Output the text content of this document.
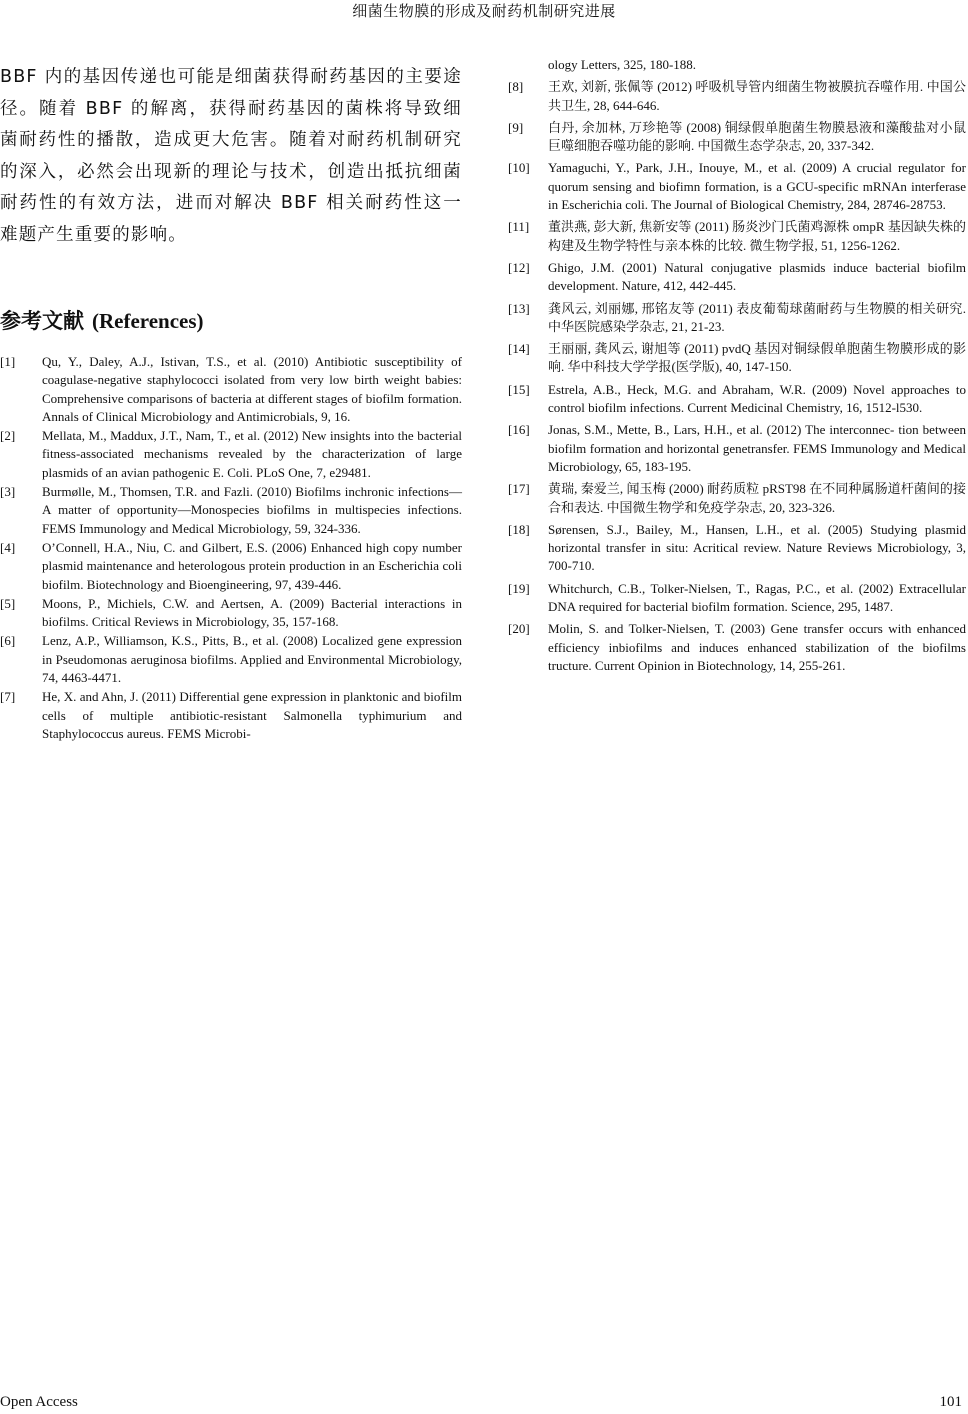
细菌生物膜的形成及耐药机制研究进展

BBF 内的基因传递也可能是细菌获得耐药基因的主要途径。随着 BBF 的解离，获得耐药基因的菌株将导致细菌耐药性的播散，造成更大危害。随着对耐药机制研究的深入，必然会出现新的理论与技术，创造出抵抗细菌耐药性的有效方法，进而对解决 BBF 相关耐药性这一难题产生重要的影响。

参考文献 (References)
[1]	Qu, Y., Daley, A.J., Istivan, T.S., et al. (2010) Antibiotic susceptibility of coagulase-negative staphylococci isolated from very low birth weight babies: Comprehensive comparisons of bacteria at different stages of biofilm formation. Annals of Clinical Microbiology and Antimicrobials, 9, 16.
[2]	Mellata, M., Maddux, J.T., Nam, T., et al. (2012) New insights into the bacterial fitness-associated mechanisms revealed by the characterization of large plasmids of an avian pathogenic E. Coli. PLoS One, 7, e29481.
[3]	Burmølle, M., Thomsen, T.R. and Fazli. (2010) Biofilms inchronic infections—A matter of opportunity—Monospecies biofilms in multispecies infections. FEMS Immunology and Medical Microbiology, 59, 324-336.
[4]	O’Connell, H.A., Niu, C. and Gilbert, E.S. (2006) Enhanced high copy number plasmid maintenance and heterologous protein production in an Escherichia coli biofilm. Biotechnology and Bioengineering, 97, 439-446.
[5]	Moons, P., Michiels, C.W. and Aertsen, A. (2009) Bacterial interactions in biofilms. Critical Reviews in Microbiology, 35, 157-168.
[6]	Lenz, A.P., Williamson, K.S., Pitts, B., et al. (2008) Localized gene expression in Pseudomonas aeruginosa biofilms. Applied and Environmental Microbiology, 74, 4463-4471.
[7]	He, X. and Ahn, J. (2011) Differential gene expression in planktonic and biofilm cells of multiple antibiotic-resistant Salmonella typhimurium and Staphylococcus aureus. FEMS Microbi-
ology Letters, 325, 180-188.
[8]	王欢, 刘新, 张佩等 (2012) 呼吸机导管内细菌生物被膜抗吞噬作用. 中国公共卫生, 28, 644-646.
[9]	白丹, 余加林, 万珍艳等 (2008) 铜绿假单胞菌生物膜悬液和藻酸盐对小鼠巨噬细胞吞噬功能的影响. 中国微生态学杂志, 20, 337-342.
[10]	Yamaguchi, Y., Park, J.H., Inouye, M., et al. (2009) A crucial regulator for quorum sensing and biofimn formation, is a GCU-specific mRNAn interferase in Escherichia coli. The Journal of Biological Chemistry, 284, 28746-28753.
[11]	董洪燕, 彭大新, 焦新安等 (2011) 肠炎沙门氏菌鸡源株 ompR 基因缺失株的构建及生物学特性与亲本株的比较. 微生物学报, 51, 1256-1262.
[12]	Ghigo, J.M. (2001) Natural conjugative plasmids induce bacterial biofilm development. Nature, 412, 442-445.
[13]	龚风云, 刘丽娜, 邢铭友等 (2011) 表皮葡萄球菌耐药与生物膜的相关研究. 中华医院感染学杂志, 21, 21-23.
[14]	王丽丽, 龚风云, 谢旭等 (2011) pvdQ 基因对铜绿假单胞菌生物膜形成的影响. 华中科技大学学报(医学版), 40, 147-150.
[15]	Estrela, A.B., Heck, M.G. and Abraham, W.R. (2009) Novel approaches to control biofilm infections. Current Medicinal Chemistry, 16, 1512-l530.
[16]	Jonas, S.M., Mette, B., Lars, H.H., et al. (2012) The interconnec- tion between biofilm formation and horizontal genetransfer. FEMS Immunology and Medical Microbiology, 65, 183-195.
[17]	黄瑞, 秦爱兰, 闻玉梅 (2000) 耐药质粒 pRST98 在不同种属肠道杆菌间的接合和表达. 中国微生物学和免疫学杂志, 20, 323-326.
[18]	Sørensen, S.J., Bailey, M., Hansen, L.H., et al. (2005) Studying plasmid horizontal transfer in situ: Acritical review. Nature Reviews Microbiology, 3, 700-710.
[19]	Whitchurch, C.B., Tolker-Nielsen, T., Ragas, P.C., et al. (2002) Extracellular DNA required for bacterial biofilm formation. Science, 295, 1487.
[20]	Molin, S. and Tolker-Nielsen, T. (2003) Gene transfer occurs with enhanced efficiency inbiofilms and induces enhanced stabilization of the biofilms tructure. Current Opinion in Biotechnology, 14, 255-261.
Open Access	101
